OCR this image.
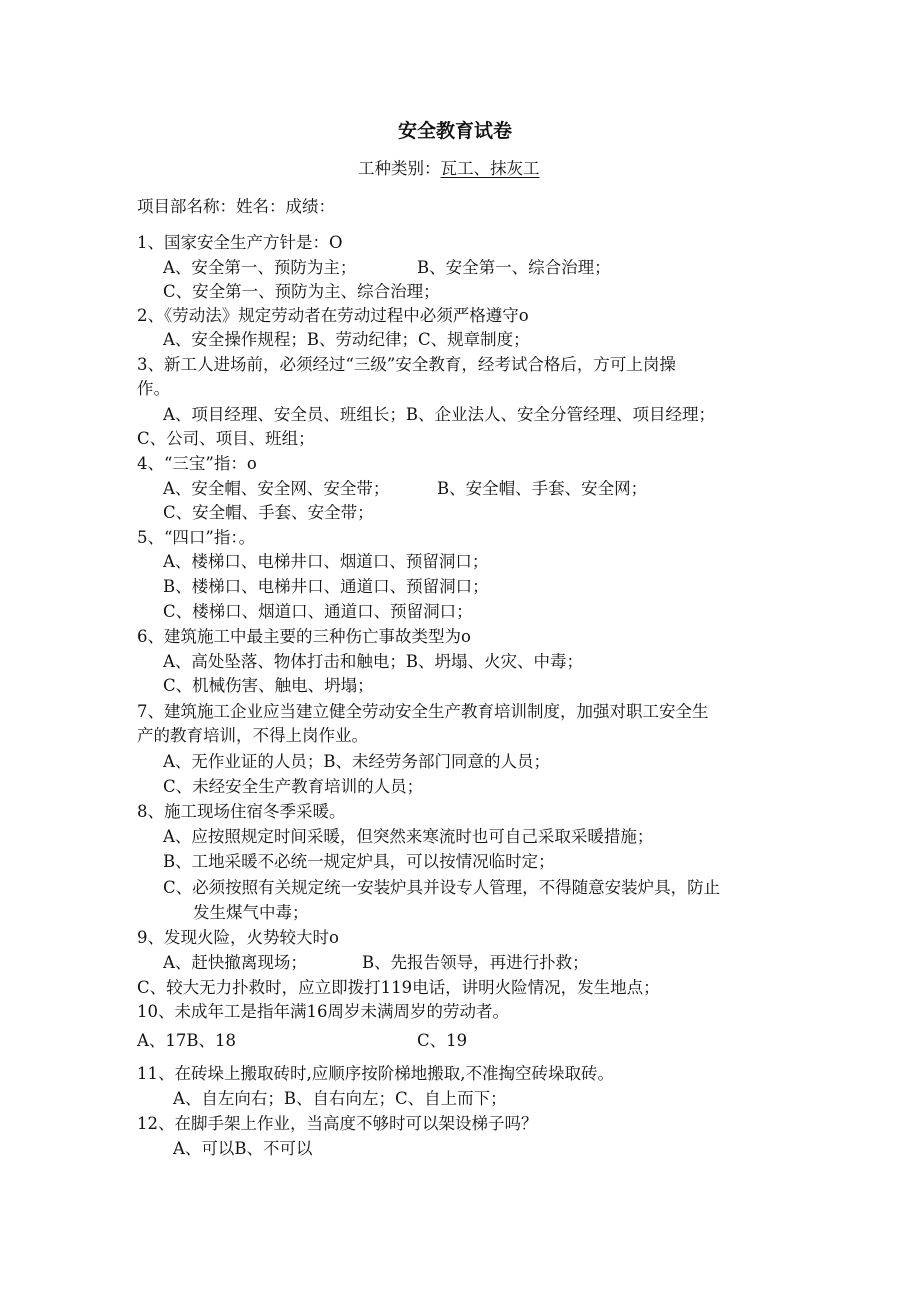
安全教育试卷
工种类别：瓦工、抹灰工
项目部名称：姓名：成绩：
1、国家安全生产方针是：O
A、安全第一、预防为主；	B、安全第一、综合治理；
C、安全第一、预防为主、综合治理；
2、《劳动法》规定劳动者在劳动过程中必须严格遵守o
A、安全操作规程；B、劳动纪律；C、规章制度；
3、新工人进场前，必须经过“三级”安全教育，经考试合格后，方可上岗操
作。
A、项目经理、安全员、班组长；B、企业法人、安全分管经理、项目经理；
C、公司、项目、班组；
4、“三宝”指：o
A、安全帽、安全网、安全带；	B、安全帽、手套、安全网；
C、安全帽、手套、安全带；
5、“四口”指：。
A、楼梯口、电梯井口、烟道口、预留洞口；
B、楼梯口、电梯井口、通道口、预留洞口；
C、楼梯口、烟道口、通道口、预留洞口；
6、建筑施工中最主要的三种伤亡事故类型为o
A、高处坠落、物体打击和触电；B、坍塌、火灾、中毒；
C、机械伤害、触电、坍塌；
7、建筑施工企业应当建立健全劳动安全生产教育培训制度，加强对职工安全生
产的教育培训，不得上岗作业。
A、无作业证的人员；B、未经劳务部门同意的人员；
C、未经安全生产教育培训的人员；
8、施工现场住宿冬季采暖。
A、应按照规定时间采暖，但突然来寒流时也可自己采取采暖措施；
B、工地采暖不必统一规定炉具，可以按情况临时定；
C、必须按照有关规定统一安装炉具并设专人管理，不得随意安装炉具，防止
发生煤气中毒；
9、发现火险，火势较大时o
A、赶快撤离现场；	B、先报告领导，再进行扑救；
C、较大无力扑救时，应立即拨打119电话，讲明火险情况，发生地点；
10、未成年工是指年满16周岁未满周岁的劳动者。
A、17B、18	C、19
11、在砖垛上搬取砖时,应顺序按阶梯地搬取,不准掏空砖垛取砖。
A、自左向右；B、自右向左；C、自上而下；
12、在脚手架上作业，当高度不够时可以架设梯子吗？
A、可以B、不可以
